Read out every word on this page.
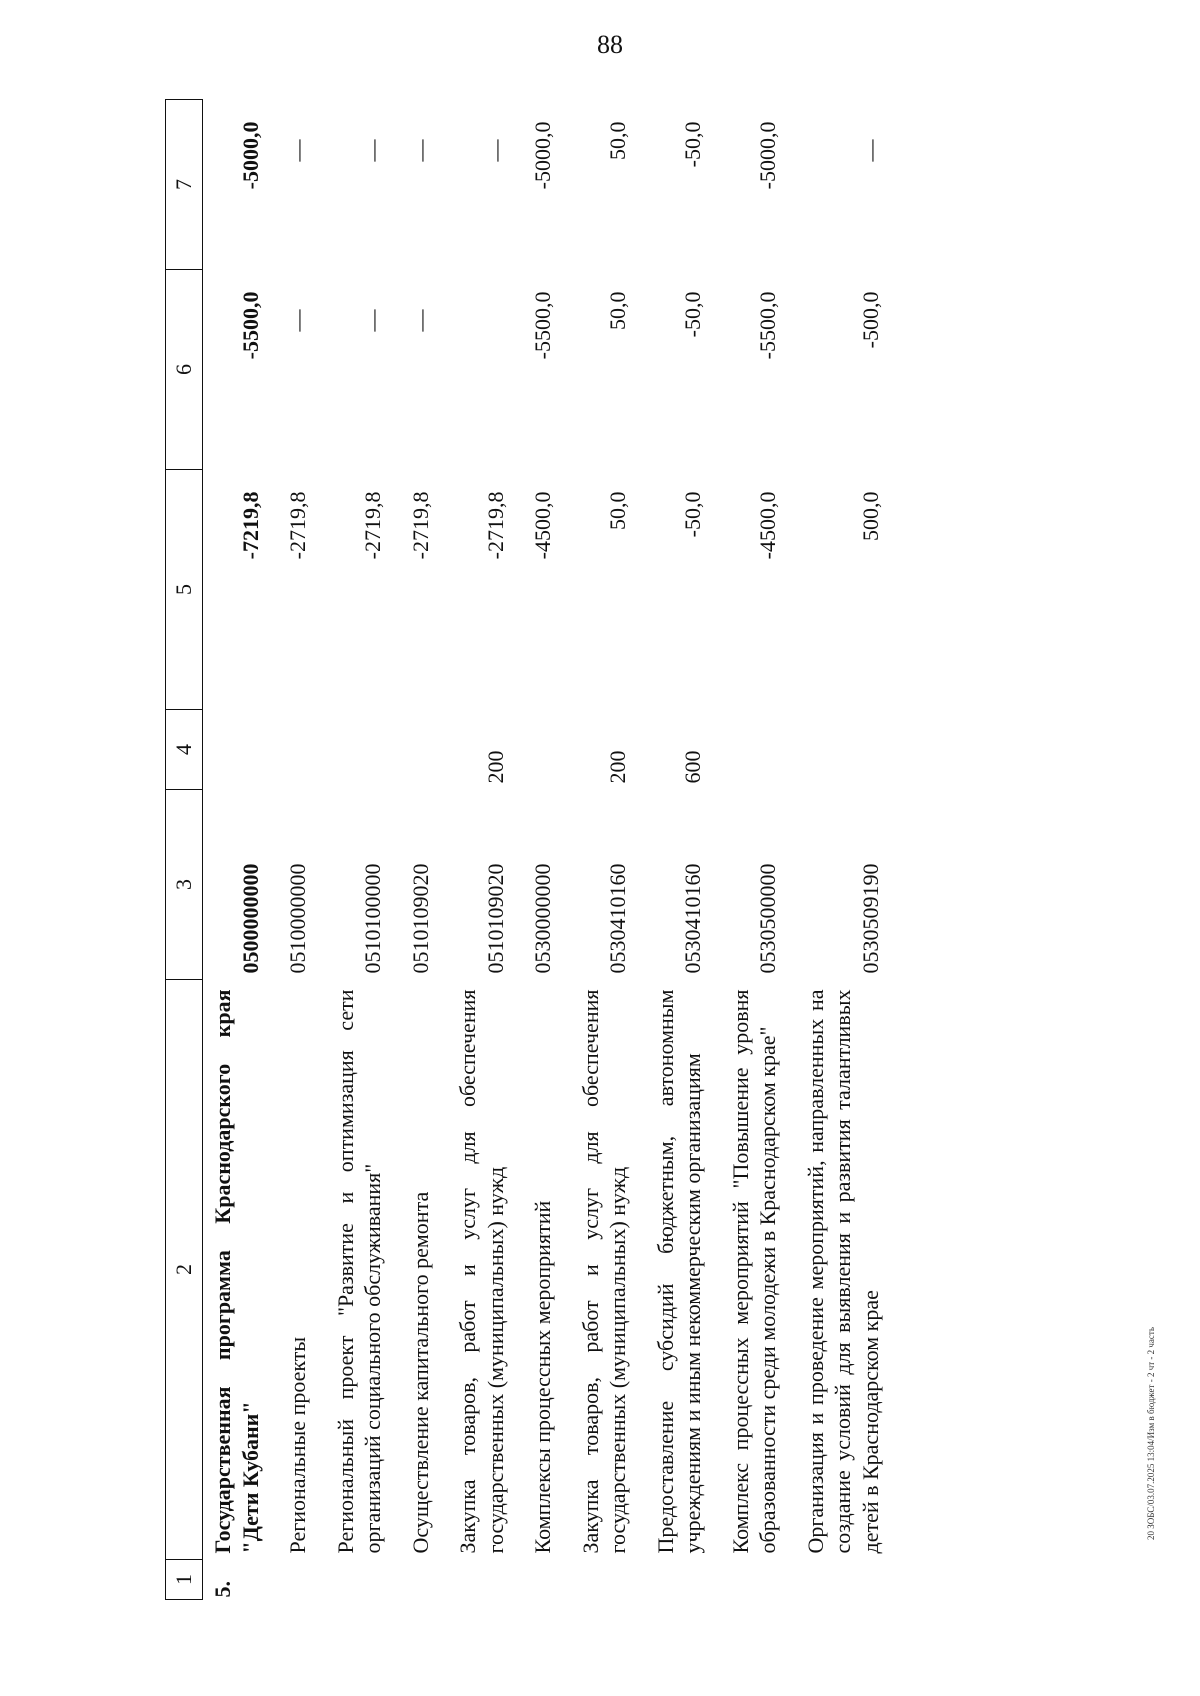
88
1	2	3	4	5	6	7
5.	Государственная программа Краснодарского края "Дети Кубани"	0500000000		-7219,8	-5500,0	-5000,0
	Региональные проекты	0510000000		-2719,8	—	—
	Региональный проект "Развитие и оптимизация сети организаций социального обслуживания"	0510100000		-2719,8	—	—
	Осуществление капитального ремонта	0510109020		-2719,8	—	—
	Закупка товаров, работ и услуг для обеспечения государственных (муниципальных) нужд	0510109020	200	-2719,8		—
	Комплексы процессных мероприятий	0530000000		-4500,0	-5500,0	-5000,0
	Закупка товаров, работ и услуг для обеспечения государственных (муниципальных) нужд	0530410160	200	50,0	50,0	50,0
	Предоставление субсидий бюджетным, автономным учреждениям и иным некоммерческим организациям	0530410160	600	-50,0	-50,0	-50,0
	Комплекс процессных мероприятий "Повышение уровня образованности среди молодежи в Краснодарском крае"	0530500000		-4500,0	-5500,0	-5000,0
	Организация и проведение мероприятий, направленных на создание условий для выявления и развития талантливых детей в Краснодарском крае	0530509190		500,0	-500,0	—
20 ЗОБС/03.07.2025 13:04/Изм в бюджет - 2 чт - 2 часть
